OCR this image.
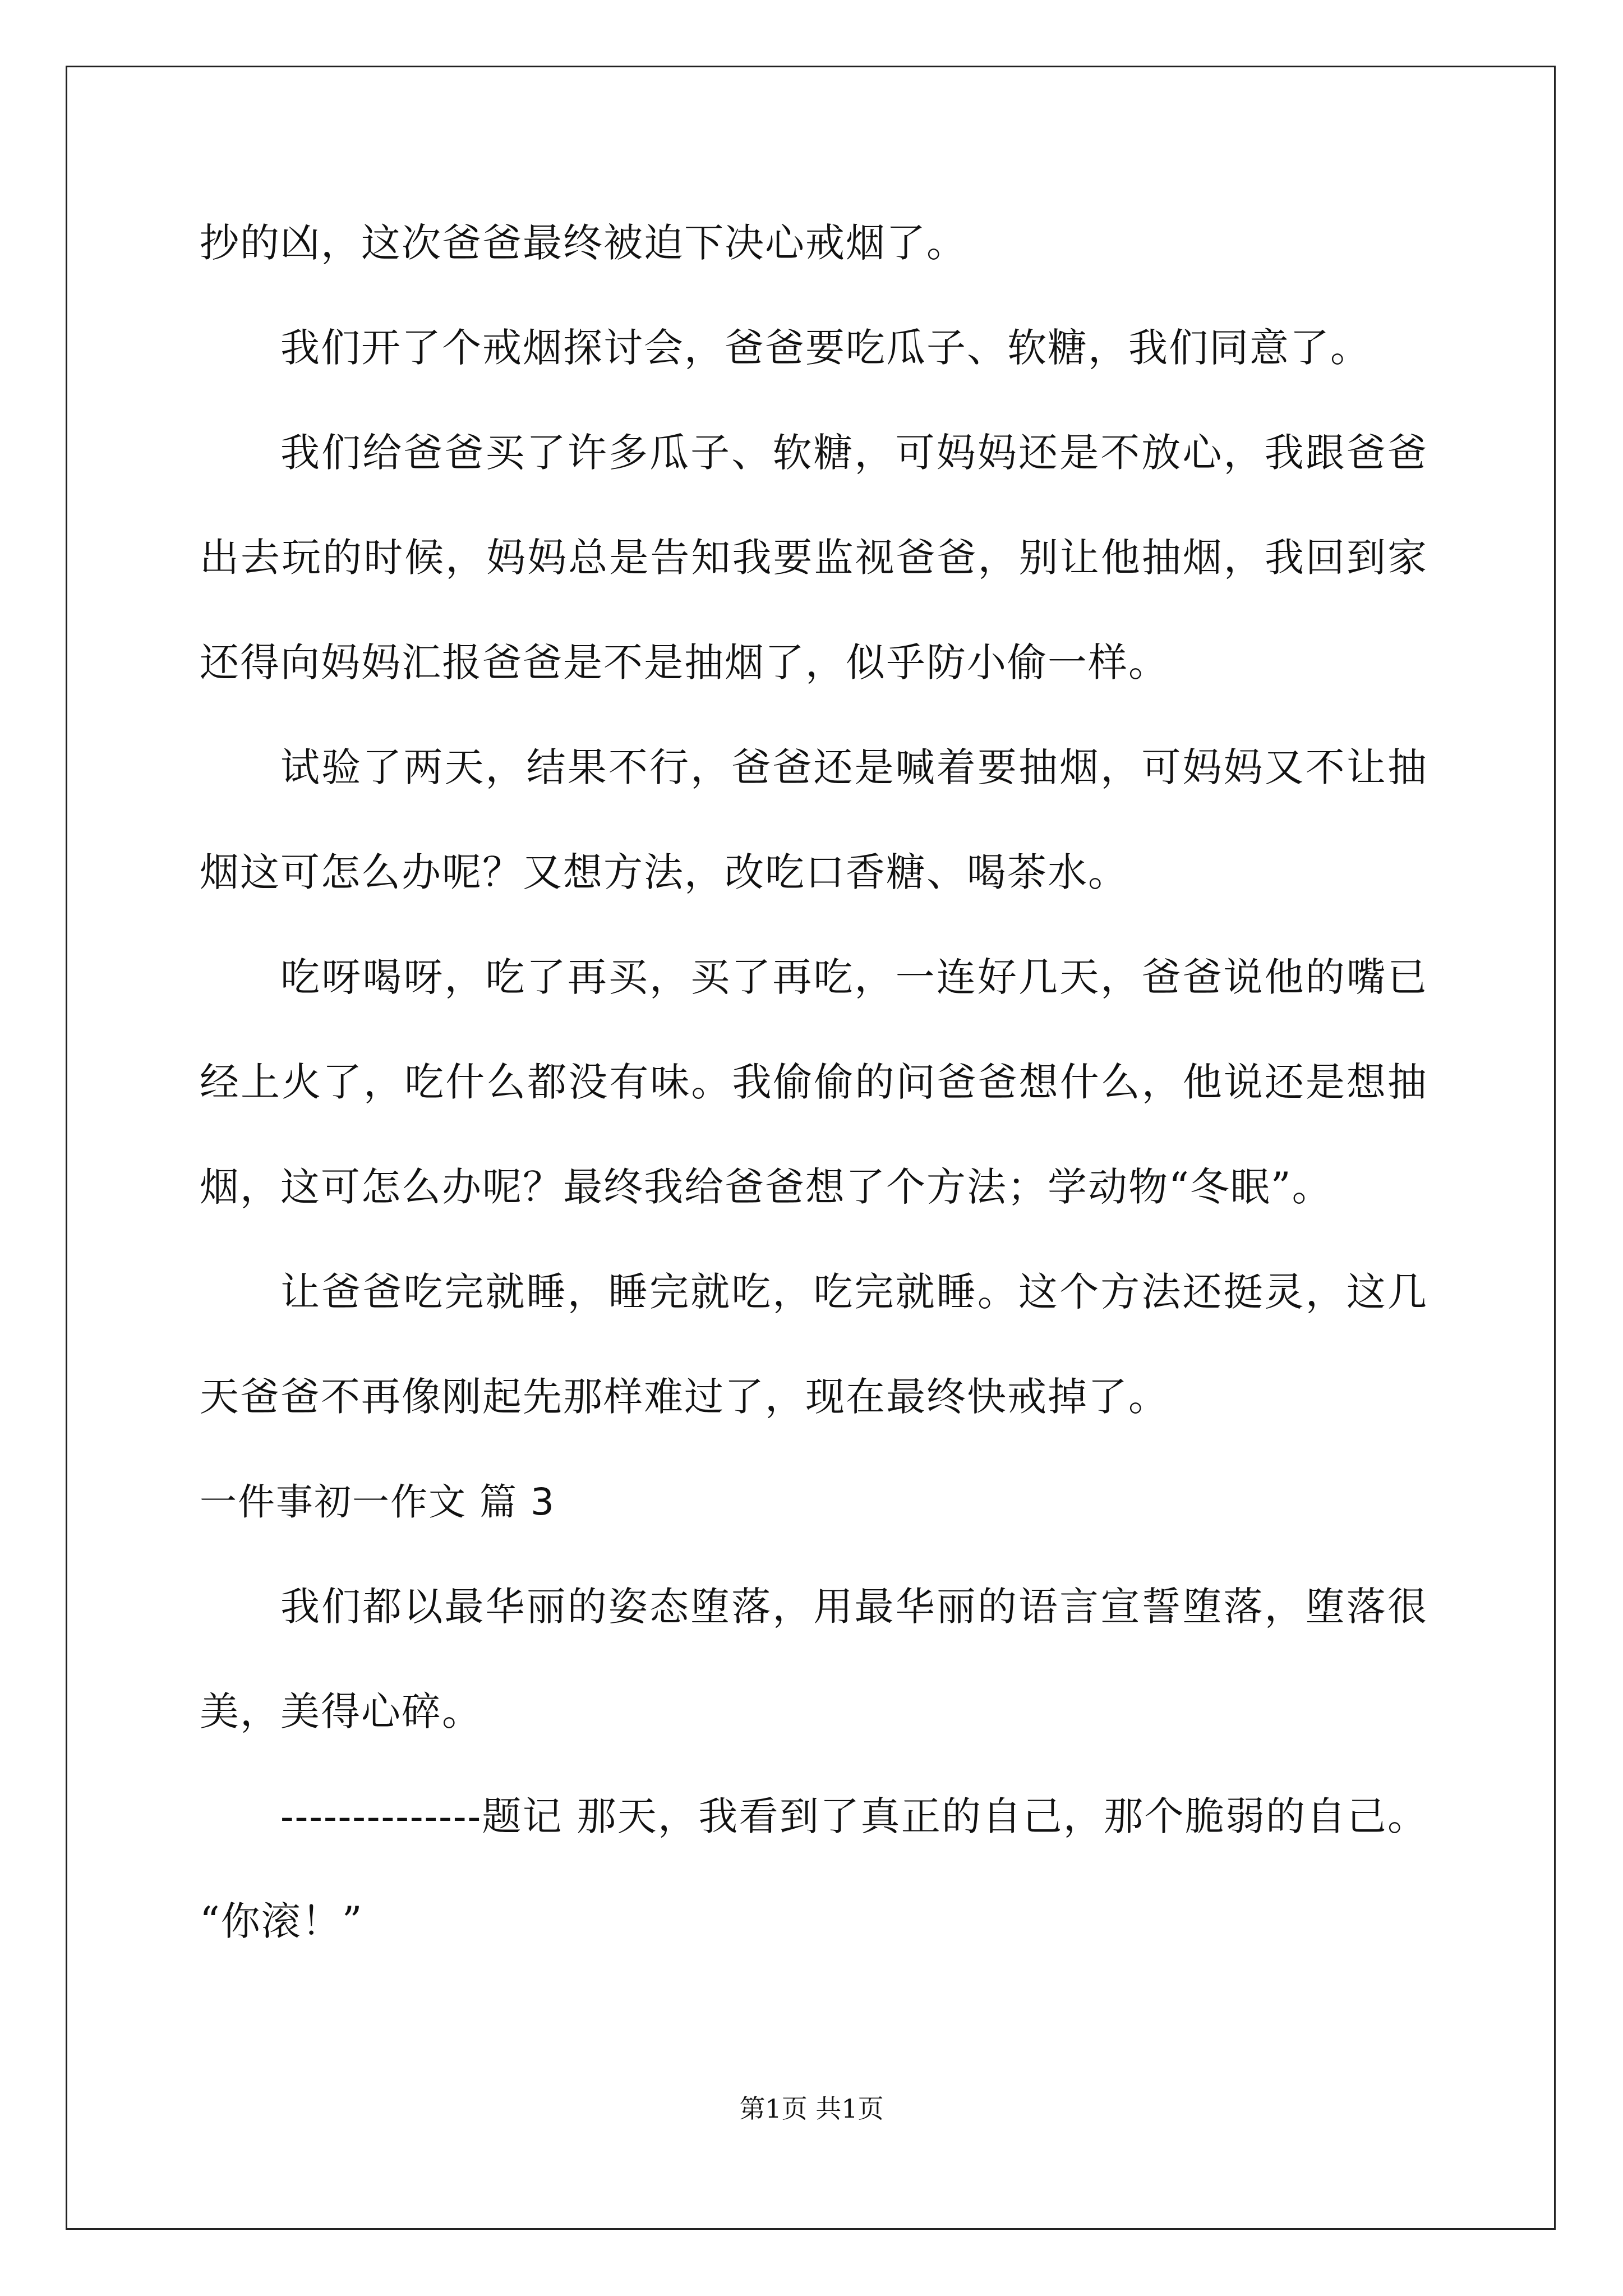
抄的凶，这次爸爸最终被迫下决心戒烟了。

我们开了个戒烟探讨会，爸爸要吃瓜子、软糖，我们同意了。

我们给爸爸买了许多瓜子、软糖，可妈妈还是不放心，我跟爸爸出去玩的时候，妈妈总是告知我要监视爸爸，别让他抽烟，我回到家还得向妈妈汇报爸爸是不是抽烟了，似乎防小偷一样。

试验了两天，结果不行，爸爸还是喊着要抽烟，可妈妈又不让抽烟这可怎么办呢？又想方法，改吃口香糖、喝茶水。

吃呀喝呀，吃了再买，买了再吃，一连好几天，爸爸说他的嘴已经上火了，吃什么都没有味。我偷偷的问爸爸想什么，他说还是想抽烟，这可怎么办呢？最终我给爸爸想了个方法；学动物“冬眠”。

让爸爸吃完就睡，睡完就吃，吃完就睡。这个方法还挺灵，这几天爸爸不再像刚起先那样难过了，现在最终快戒掉了。

一件事初一作文 篇 3

我们都以最华丽的姿态堕落，用最华丽的语言宣誓堕落，堕落很美，美得心碎。

--------------题记 那天，我看到了真正的自己，那个脆弱的自己。 “你滚！”

第1页 共1页
